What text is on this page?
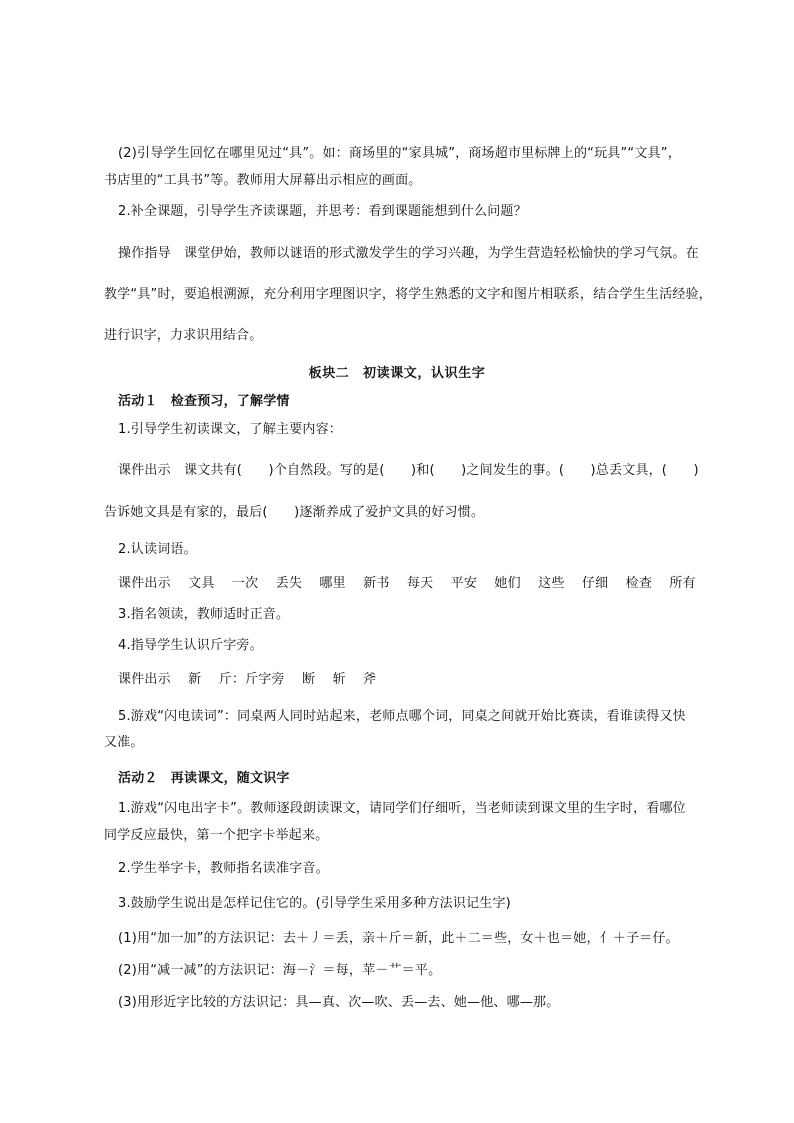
(2)引导学生回忆在哪里见过“具”。如：商场里的“家具城”，商场超市里标牌上的“玩具”“文具”，
书店里的“工具书”等。教师用大屏幕出示相应的画面。
2.补全课题，引导学生齐读课题，并思考：看到课题能想到什么问题？
操作指导　课堂伊始，教师以谜语的形式激发学生的学习兴趣，为学生营造轻松愉快的学习气氛。在
教学“具”时，要追根溯源，充分利用字理图识字，将学生熟悉的文字和图片相联系，结合学生生活经验，
进行识字，力求识用结合。
板块二　初读课文，认识生字
活动１　检查预习，了解学情
1.引导学生初读课文，了解主要内容：
课件出示　课文共有(　　)个自然段。写的是(　　)和(　　)之间发生的事。(　　)总丢文具，(　　)
告诉她文具是有家的，最后(　　)逐渐养成了爱护文具的好习惯。
2.认读词语。
课件出示 文具 一次 丢失 哪里 新书 每天 平安 她们 这些 仔细 检查 所有
3.指名领读，教师适时正音。
4.指导学生认识斤字旁。
课件出示 新 斤：斤字旁 断 斩 斧
5.游戏“闪电读词”：同桌两人同时站起来，老师点哪个词，同桌之间就开始比赛读，看谁读得又快
又准。
活动２　再读课文，随文识字
1.游戏“闪电出字卡”。教师逐段朗读课文，请同学们仔细听，当老师读到课文里的生字时，看哪位
同学反应最快，第一个把字卡举起来。
2.学生举字卡，教师指名读准字音。
3.鼓励学生说出是怎样记住它的。(引导学生采用多种方法识记生字)
(1)用“加一加”的方法识记：去＋丿＝丢，亲＋斤＝新，此＋二＝些，女＋也＝她，亻＋子＝仔。
(2)用“减一减”的方法识记：海－氵＝每，苹－艹＝平。
(3)用形近字比较的方法识记：具—真、次—吹、丢—去、她—他、哪—那。
